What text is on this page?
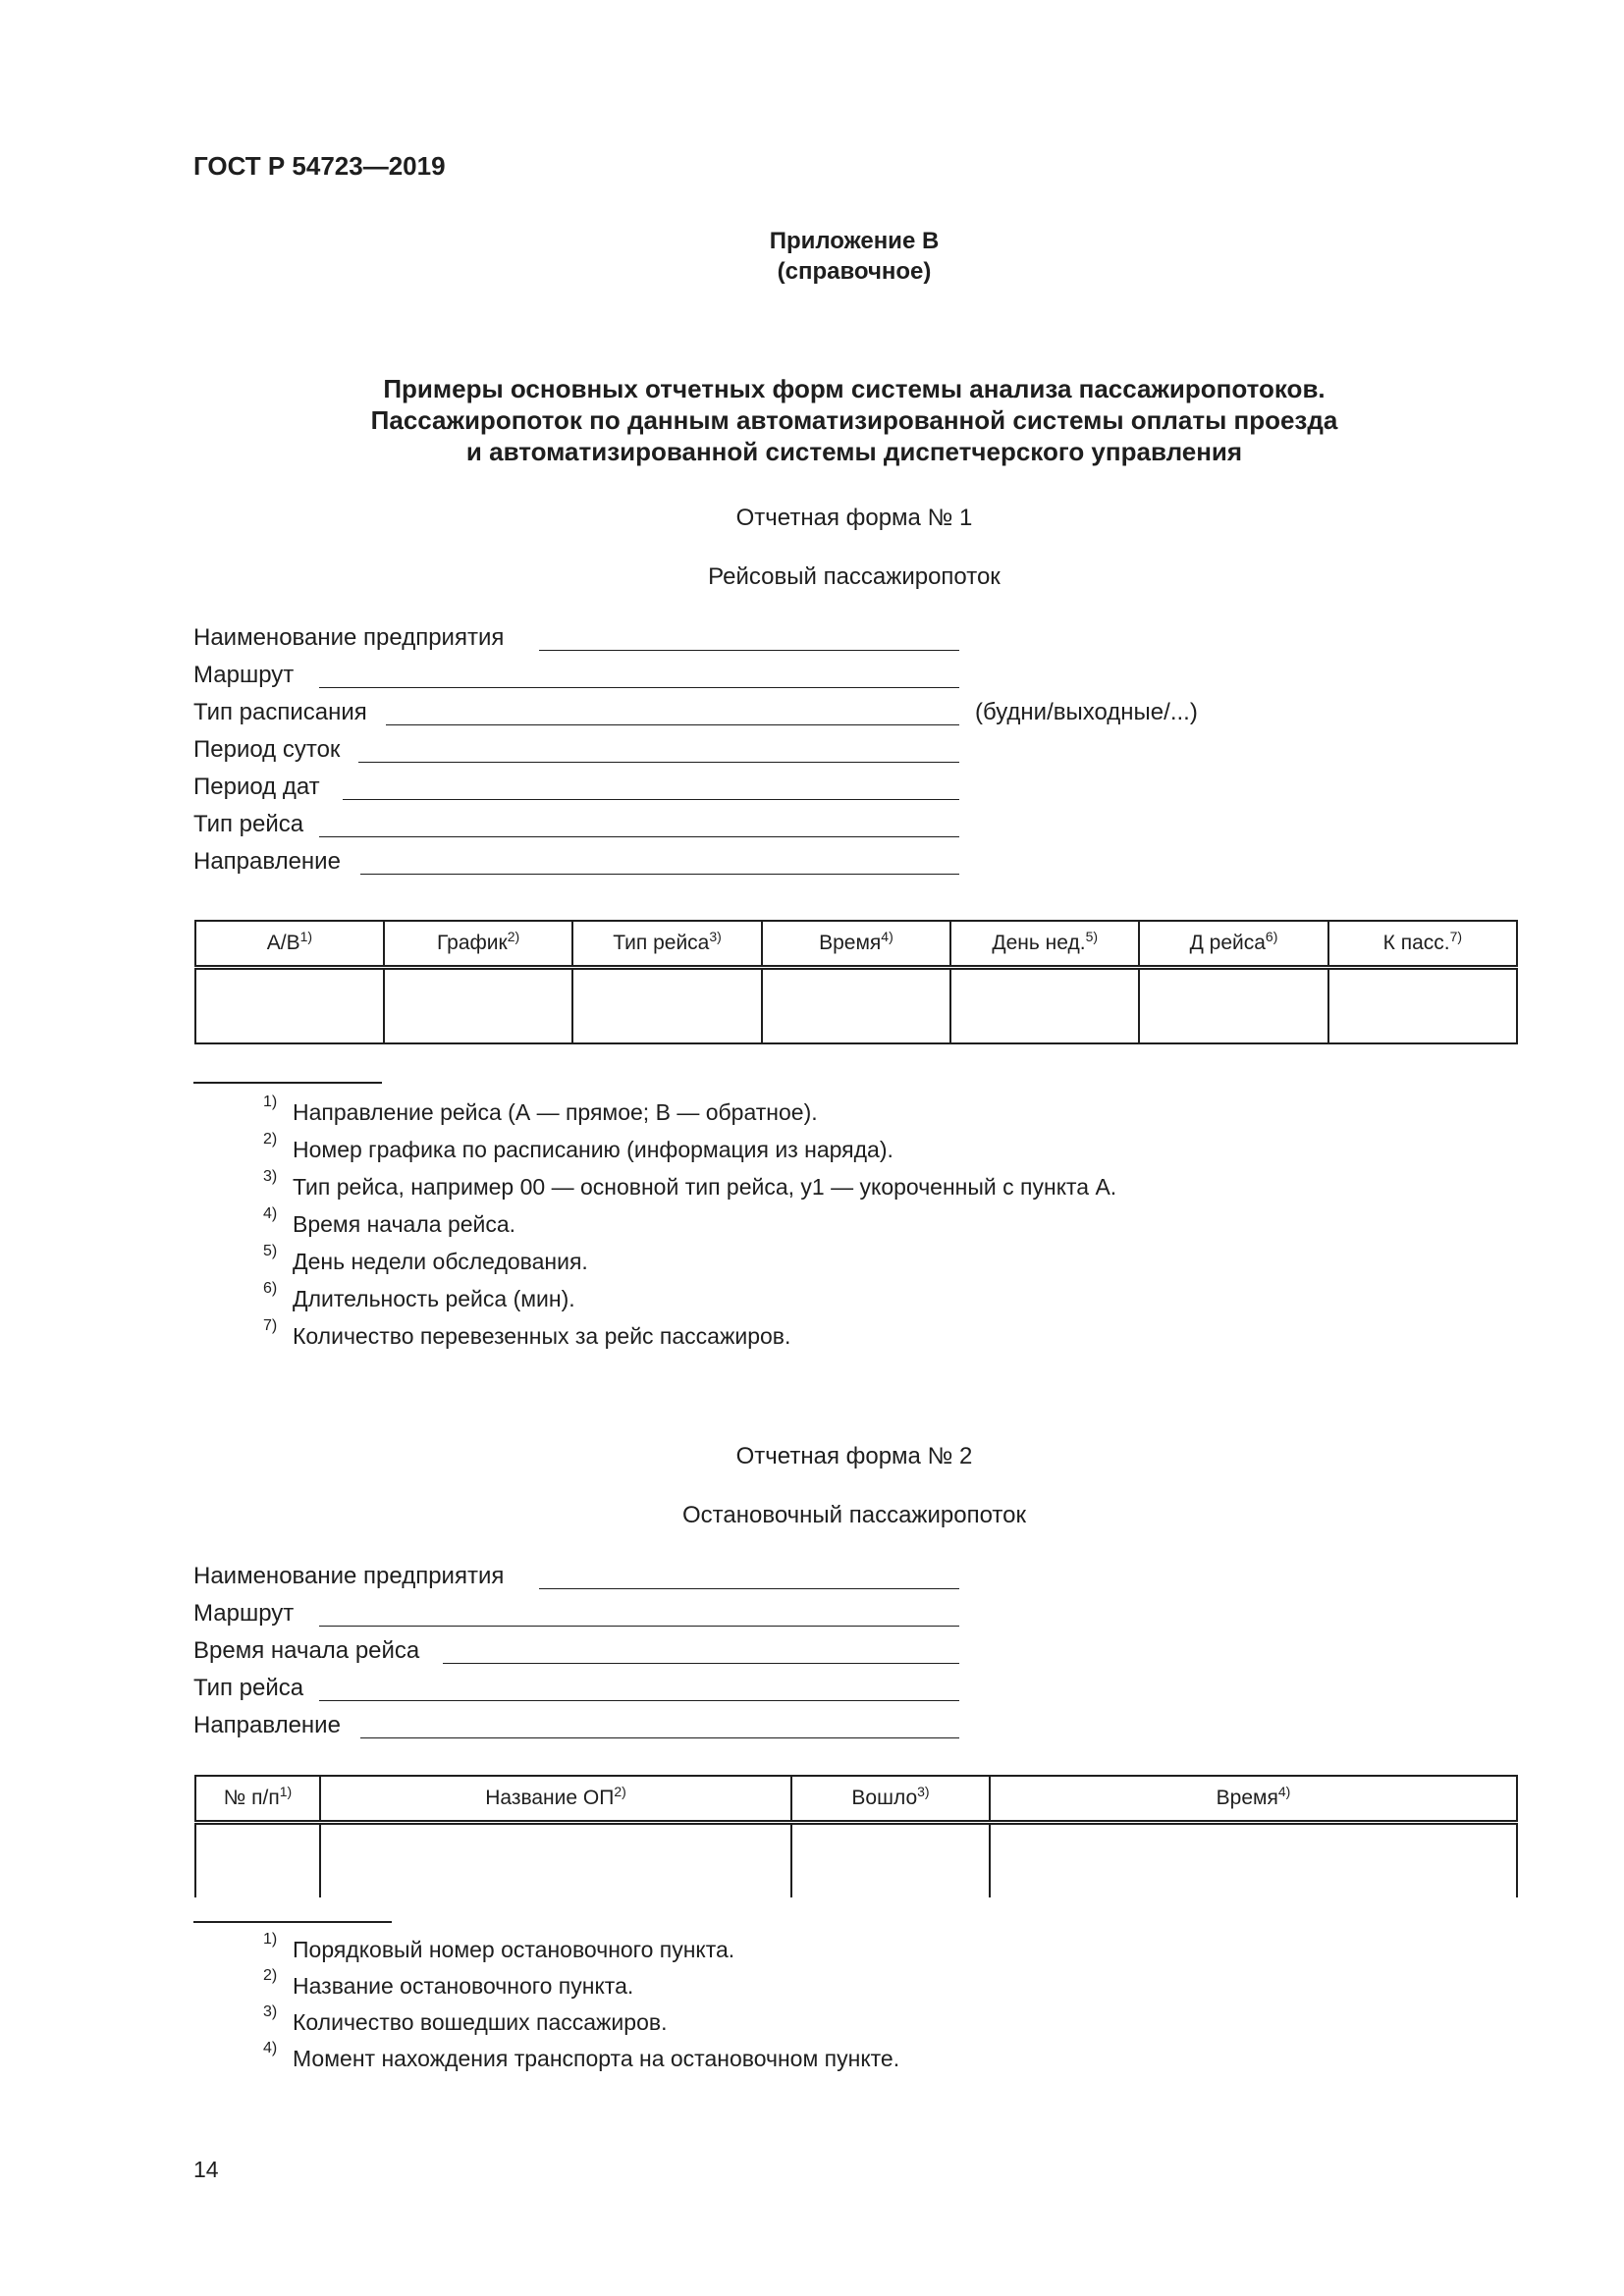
ГОСТ Р 54723—2019
Приложение В
(справочное)
Примеры основных отчетных форм системы анализа пассажиропотоков.
Пассажиропоток по данным автоматизированной системы оплаты проезда
и автоматизированной системы диспетчерского управления
Отчетная форма № 1
Рейсовый пассажиропоток
Наименование предприятия
Маршрут
Тип расписания	(будни/выходные/...)
Период суток
Период дат
Тип рейса
Направление
$А/В^{1)}$	График$^{2)}$	Тип рейса$^{3)}$	Время$^{4)}$	День нед.$^{5)}$	Д рейса$^{6)}$	К пасс.$^{7)}$

1) Направление рейса (А — прямое; В — обратное).
2) Номер графика по расписанию (информация из наряда).
3) Тип рейса, например 00 — основной тип рейса, у1 — укороченный с пункта А.
4) Время начала рейса.
5) День недели обследования.
6) Длительность рейса (мин).
7) Количество перевезенных за рейс пассажиров.
Отчетная форма № 2
Остановочный пассажиропоток
Наименование предприятия
Маршрут
Время начала рейса
Тип рейса
Направление
№ $п/п^{1)}$	Название ОП$^{2)}$	Вошло$^{3)}$	Время$^{4)}$

1) Порядковый номер остановочного пункта.
2) Название остановочного пункта.
3) Количество вошедших пассажиров.
4) Момент нахождения транспорта на остановочном пункте.
14
